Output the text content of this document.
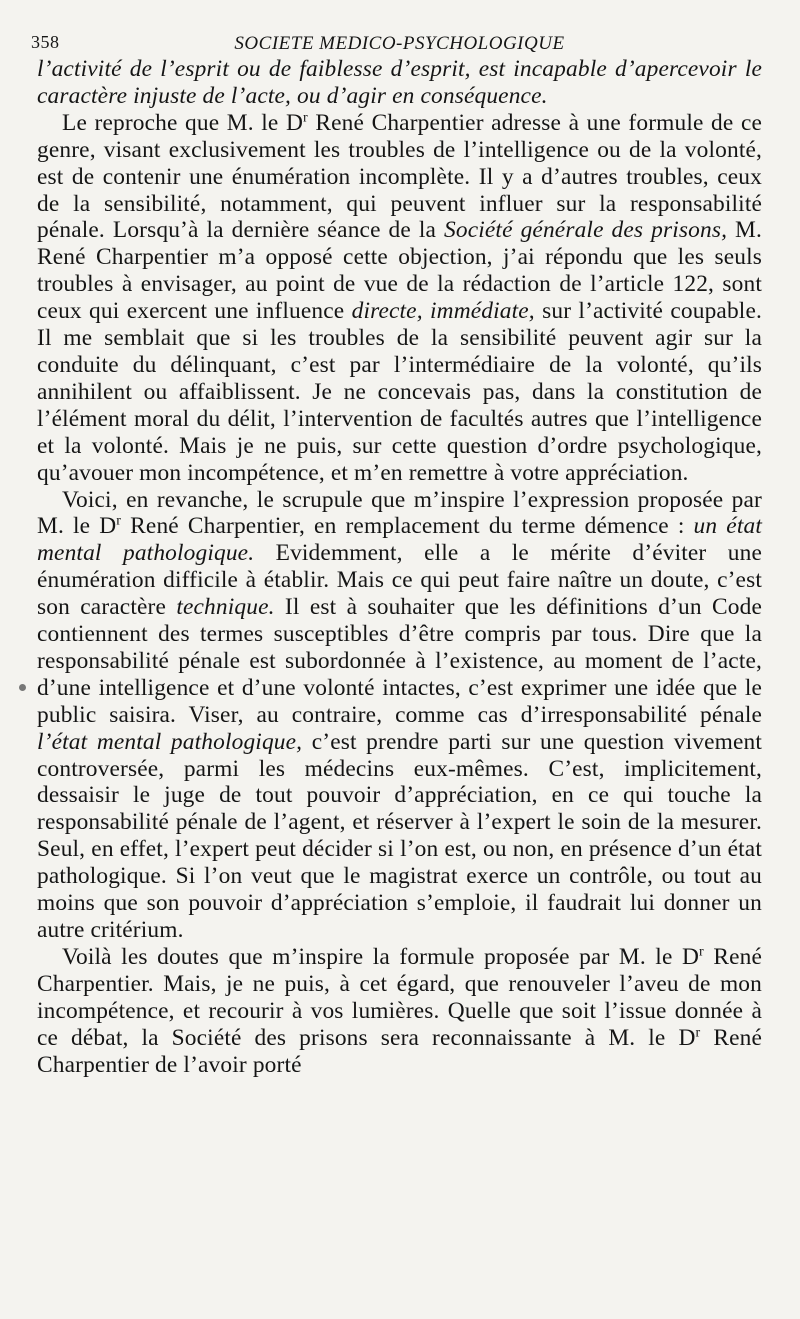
358	SOCIETE MEDICO-PSYCHOLOGIQUE

l’activité de l’esprit ou de faiblesse d’esprit, est incapable d’apercevoir le caractère injuste de l’acte, ou d’agir en conséquence.

Le reproche que M. le $D^r$ René Charpentier adresse à une formule de ce genre, visant exclusivement les troubles de l’intelligence ou de la volonté, est de contenir une énumération incomplète. Il y a d’autres troubles, ceux de la sensibilité, notamment, qui peuvent influer sur la responsabilité pénale. Lorsqu’à la dernière séance de la Société générale des prisons, M. René Charpentier m’a opposé cette objection, j’ai répondu que les seuls troubles à envisager, au point de vue de la rédaction de l’article 122, sont ceux qui exercent une influence directe, immédiate, sur l’activité coupable. Il me semblait que si les troubles de la sensibilité peuvent agir sur la conduite du délinquant, c’est par l’intermédiaire de la volonté, qu’ils annihilent ou affaiblissent. Je ne concevais pas, dans la constitution de l’élément moral du délit, l’intervention de facultés autres que l’intelligence et la volonté. Mais je ne puis, sur cette question d’ordre psychologique, qu’avouer mon incompétence, et m’en remettre à votre appréciation.

Voici, en revanche, le scrupule que m’inspire l’expression proposée par M. le $D^r$ René Charpentier, en remplacement du terme démence : un état mental pathologique. Evidemment, elle a le mérite d’éviter une énumération difficile à établir. Mais ce qui peut faire naître un doute, c’est son caractère technique. Il est à souhaiter que les définitions d’un Code contiennent des termes susceptibles d’être compris par tous. Dire que la responsabilité pénale est subordonnée à l’existence, au moment de l’acte, d’une intelligence et d’une volonté intactes, c’est exprimer une idée que le public saisira. Viser, au contraire, comme cas d’irresponsabilité pénale l’état mental pathologique, c’est prendre parti sur une question vivement controversée, parmi les médecins eux-mêmes. C’est, implicitement, dessaisir le juge de tout pouvoir d’appréciation, en ce qui touche la responsabilité pénale de l’agent, et réserver à l’expert le soin de la mesurer. Seul, en effet, l’expert peut décider si l’on est, ou non, en présence d’un état pathologique. Si l’on veut que le magistrat exerce un contrôle, ou tout au moins que son pouvoir d’appréciation s’emploie, il faudrait lui donner un autre critérium.

Voilà les doutes que m’inspire la formule proposée par M. le $D^r$ René Charpentier. Mais, je ne puis, à cet égard, que renouveler l’aveu de mon incompétence, et recourir à vos lumières. Quelle que soit l’issue donnée à ce débat, la Société des prisons sera reconnaissante à M. le $D^r$ René Charpentier de l’avoir porté
